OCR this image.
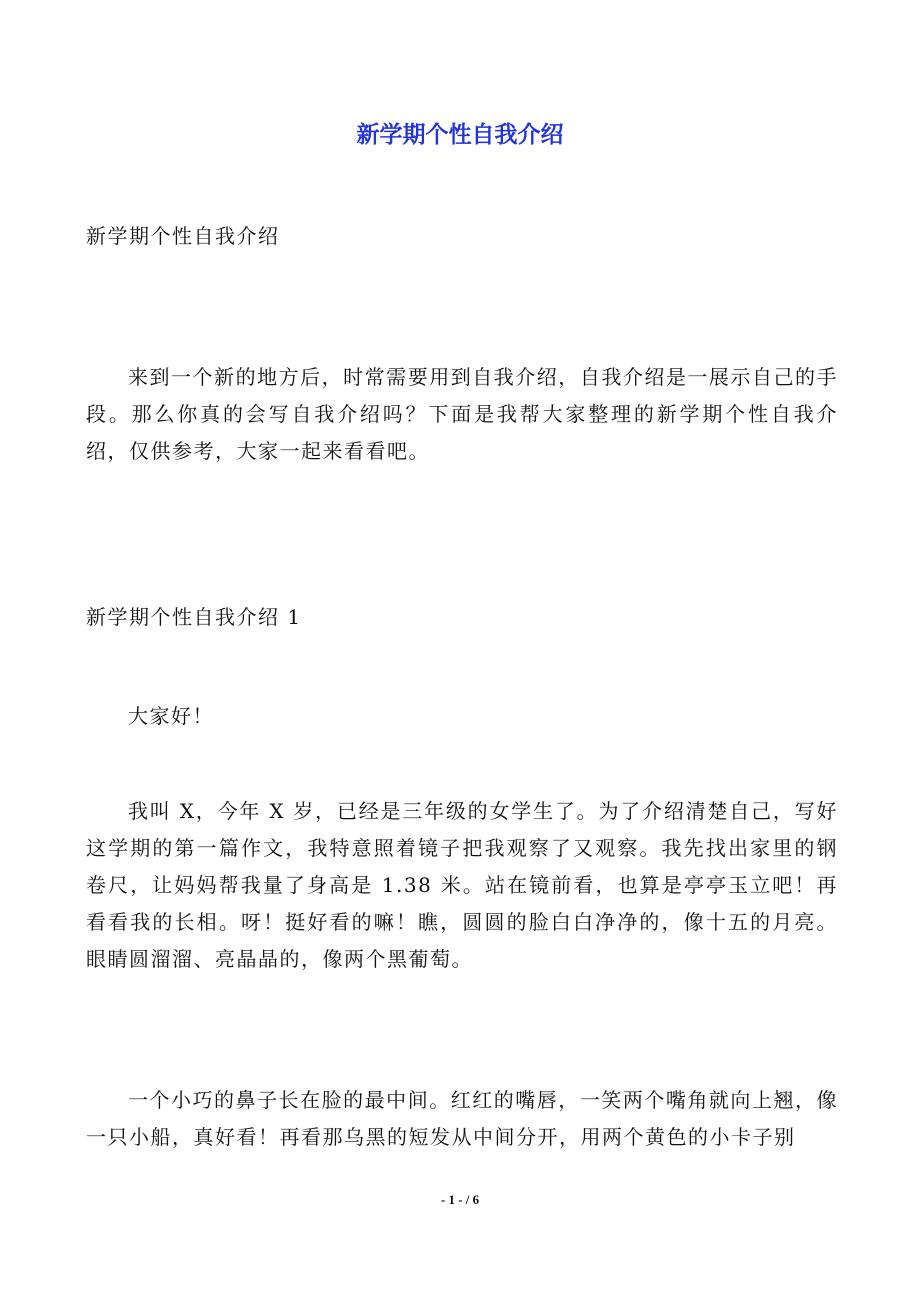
新学期个性自我介绍
新学期个性自我介绍
来到一个新的地方后，时常需要用到自我介绍，自我介绍是一展示自己的手段。那么你真的会写自我介绍吗？下面是我帮大家整理的新学期个性自我介绍，仅供参考，大家一起来看看吧。
新学期个性自我介绍 1
大家好！
我叫 X，今年 X 岁，已经是三年级的女学生了。为了介绍清楚自己，写好这学期的第一篇作文，我特意照着镜子把我观察了又观察。我先找出家里的钢卷尺，让妈妈帮我量了身高是 1.38 米。站在镜前看，也算是亭亭玉立吧！再看看我的长相。呀！挺好看的嘛！瞧，圆圆的脸白白净净的，像十五的月亮。眼睛圆溜溜、亮晶晶的，像两个黑葡萄。
一个小巧的鼻子长在脸的最中间。红红的嘴唇，一笑两个嘴角就向上翘，像一只小船，真好看！再看那乌黑的短发从中间分开，用两个黄色的小卡子别
- 1 - / 6
